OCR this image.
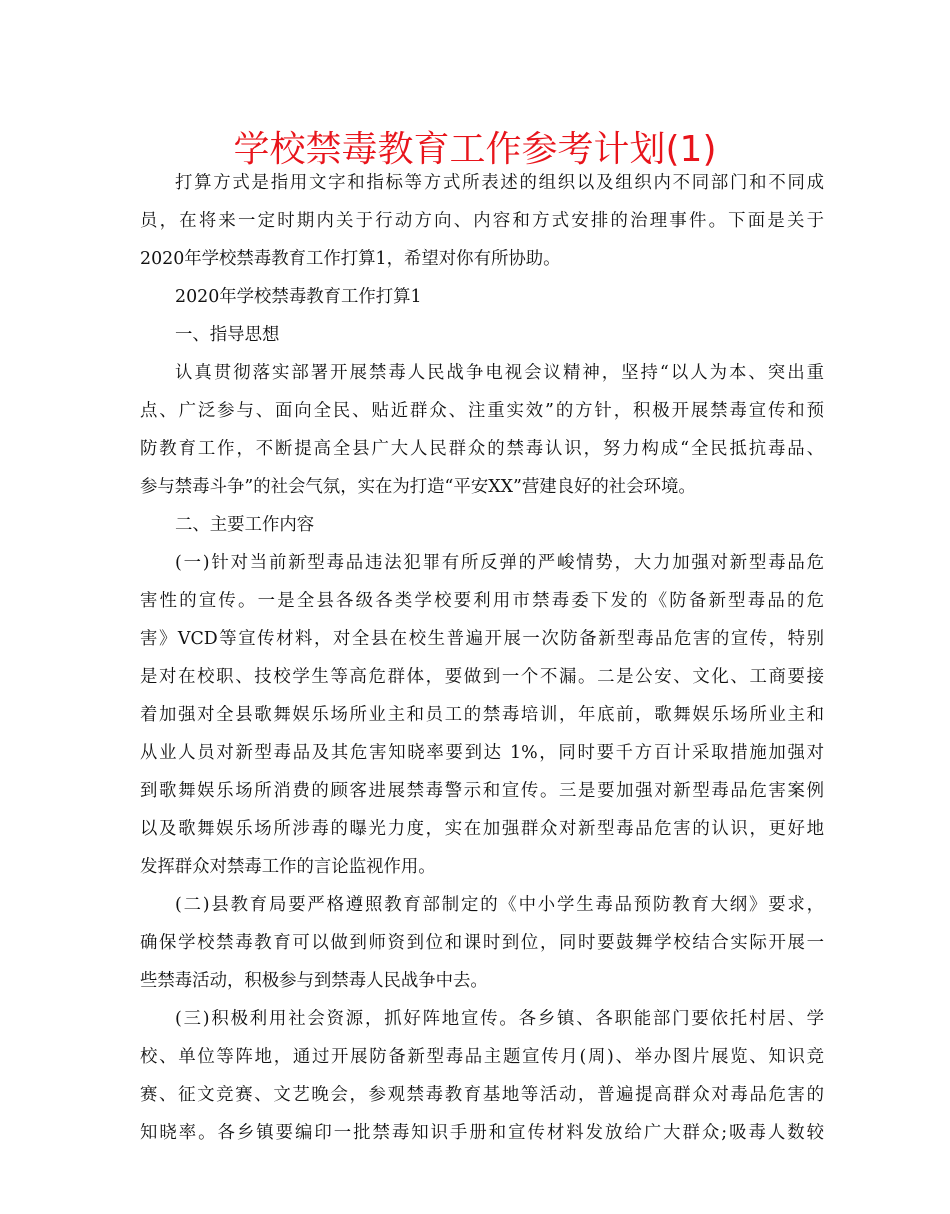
学校禁毒教育工作参考计划(1)
打算方式是指用文字和指标等方式所表述的组织以及组织内不同部门和不同成
员，在将来一定时期内关于行动方向、内容和方式安排的治理事件。下面是关于
2020年学校禁毒教育工作打算1，希望对你有所协助。
2020年学校禁毒教育工作打算1
一、指导思想
认真贯彻落实部署开展禁毒人民战争电视会议精神，坚持“以人为本、突出重
点、广泛参与、面向全民、贴近群众、注重实效”的方针，积极开展禁毒宣传和预
防教育工作，不断提高全县广大人民群众的禁毒认识，努力构成“全民抵抗毒品、
参与禁毒斗争”的社会气氛，实在为打造“平安XX”营建良好的社会环境。
二、主要工作内容
(一)针对当前新型毒品违法犯罪有所反弹的严峻情势，大力加强对新型毒品危
害性的宣传。一是全县各级各类学校要利用市禁毒委下发的《防备新型毒品的危
害》VCD等宣传材料，对全县在校生普遍开展一次防备新型毒品危害的宣传，特别
是对在校职、技校学生等高危群体，要做到一个不漏。二是公安、文化、工商要接
着加强对全县歌舞娱乐场所业主和员工的禁毒培训，年底前，歌舞娱乐场所业主和
从业人员对新型毒品及其危害知晓率要到达 1%，同时要千方百计采取措施加强对
到歌舞娱乐场所消费的顾客进展禁毒警示和宣传。三是要加强对新型毒品危害案例
以及歌舞娱乐场所涉毒的曝光力度，实在加强群众对新型毒品危害的认识，更好地
发挥群众对禁毒工作的言论监视作用。
(二)县教育局要严格遵照教育部制定的《中小学生毒品预防教育大纲》要求，
确保学校禁毒教育可以做到师资到位和课时到位，同时要鼓舞学校结合实际开展一
些禁毒活动，积极参与到禁毒人民战争中去。
(三)积极利用社会资源，抓好阵地宣传。各乡镇、各职能部门要依托村居、学
校、单位等阵地，通过开展防备新型毒品主题宣传月(周)、举办图片展览、知识竞
赛、征文竞赛、文艺晚会，参观禁毒教育基地等活动，普遍提高群众对毒品危害的
知晓率。各乡镇要编印一批禁毒知识手册和宣传材料发放给广大群众;吸毒人数较
